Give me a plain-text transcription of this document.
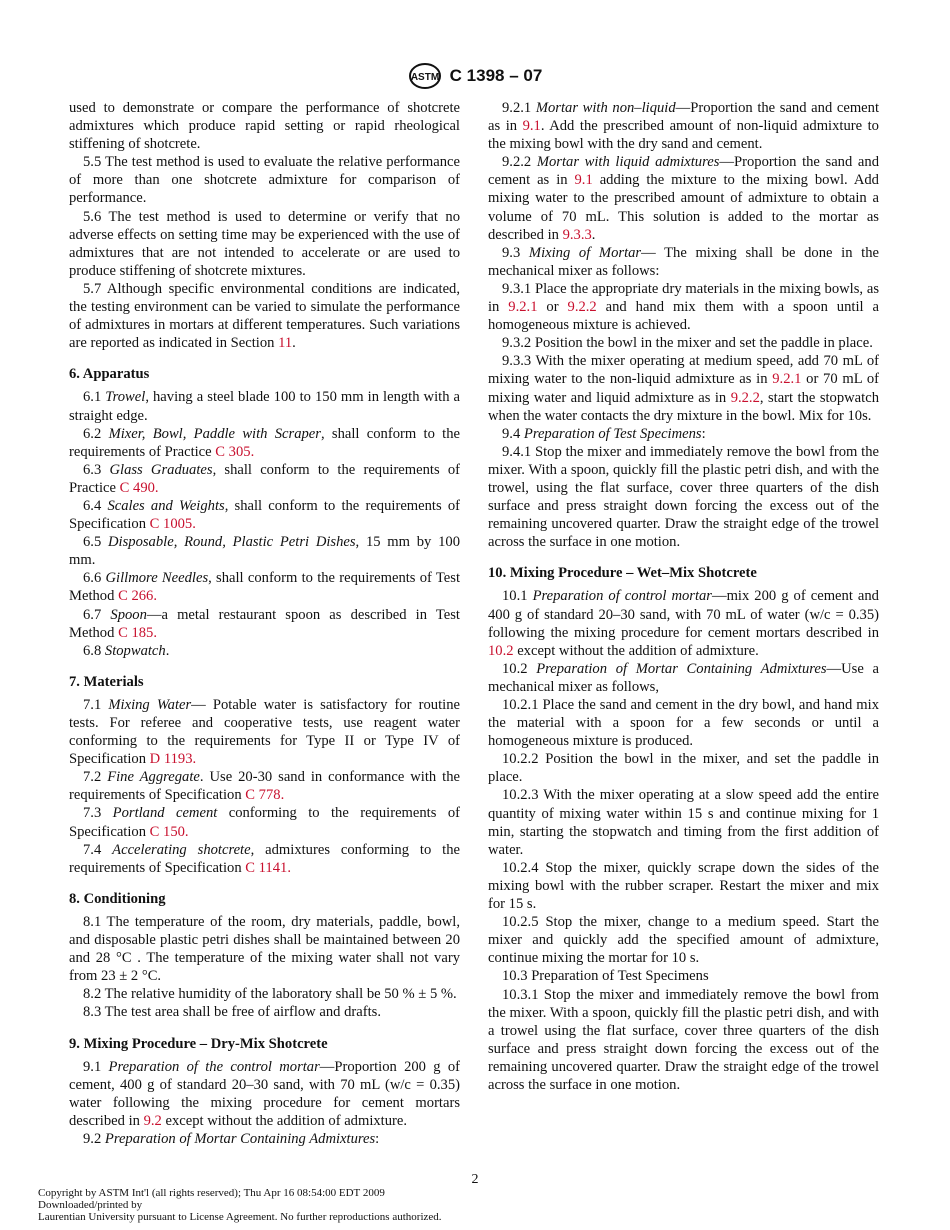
ASTM C 1398 – 07

used to demonstrate or compare the performance of shotcrete admixtures which produce rapid setting or rapid rheological stiffening of shotcrete.

5.5 The test method is used to evaluate the relative performance of more than one shotcrete admixture for comparison of performance.

5.6 The test method is used to determine or verify that no adverse effects on setting time may be experienced with the use of admixtures that are not intended to accelerate or are used to produce stiffening of shotcrete mixtures.

5.7 Although specific environmental conditions are indicated, the testing environment can be varied to simulate the performance of admixtures in mortars at different temperatures. Such variations are reported as indicated in Section 11.

6. Apparatus

6.1 Trowel, having a steel blade 100 to 150 mm in length with a straight edge.

6.2 Mixer, Bowl, Paddle with Scraper, shall conform to the requirements of Practice C 305.

6.3 Glass Graduates, shall conform to the requirements of Practice C 490.

6.4 Scales and Weights, shall conform to the requirements of Specification C 1005.

6.5 Disposable, Round, Plastic Petri Dishes, 15 mm by 100 mm.

6.6 Gillmore Needles, shall conform to the requirements of Test Method C 266.

6.7 Spoon—a metal restaurant spoon as described in Test Method C 185.

6.8 Stopwatch.

7. Materials

7.1 Mixing Water— Potable water is satisfactory for routine tests. For referee and cooperative tests, use reagent water conforming to the requirements for Type II or Type IV of Specification D 1193.

7.2 Fine Aggregate. Use 20-30 sand in conformance with the requirements of Specification C 778.

7.3 Portland cement conforming to the requirements of Specification C 150.

7.4 Accelerating shotcrete, admixtures conforming to the requirements of Specification C 1141.

8. Conditioning

8.1 The temperature of the room, dry materials, paddle, bowl, and disposable plastic petri dishes shall be maintained between 20 and 28 °C . The temperature of the mixing water shall not vary from 23 ± 2 °C.

8.2 The relative humidity of the laboratory shall be 50 % ± 5 %.

8.3 The test area shall be free of airflow and drafts.

9. Mixing Procedure – Dry-Mix Shotcrete

9.1 Preparation of the control mortar—Proportion 200 g of cement, 400 g of standard 20–30 sand, with 70 mL (w/c = 0.35) water following the mixing procedure for cement mortars described in 9.2 except without the addition of admixture.

9.2 Preparation of Mortar Containing Admixtures:

9.2.1 Mortar with non–liquid—Proportion the sand and cement as in 9.1. Add the prescribed amount of non-liquid admixture to the mixing bowl with the dry sand and cement.

9.2.2 Mortar with liquid admixtures—Proportion the sand and cement as in 9.1 adding the mixture to the mixing bowl. Add mixing water to the prescribed amount of admixture to obtain a volume of 70 mL. This solution is added to the mortar as described in 9.3.3.

9.3 Mixing of Mortar— The mixing shall be done in the mechanical mixer as follows:

9.3.1 Place the appropriate dry materials in the mixing bowls, as in 9.2.1 or 9.2.2 and hand mix them with a spoon until a homogeneous mixture is achieved.

9.3.2 Position the bowl in the mixer and set the paddle in place.

9.3.3 With the mixer operating at medium speed, add 70 mL of mixing water to the non-liquid admixture as in 9.2.1 or 70 mL of mixing water and liquid admixture as in 9.2.2, start the stopwatch when the water contacts the dry mixture in the bowl. Mix for 10s.

9.4 Preparation of Test Specimens:

9.4.1 Stop the mixer and immediately remove the bowl from the mixer. With a spoon, quickly fill the plastic petri dish, and with the trowel, using the flat surface, cover three quarters of the dish surface and press straight down forcing the excess out of the remaining uncovered quarter. Draw the straight edge of the trowel across the surface in one motion.

10. Mixing Procedure – Wet–Mix Shotcrete

10.1 Preparation of control mortar—mix 200 g of cement and 400 g of standard 20–30 sand, with 70 mL of water (w/c = 0.35) following the mixing procedure for cement mortars described in 10.2 except without the addition of admixture.

10.2 Preparation of Mortar Containing Admixtures—Use a mechanical mixer as follows,

10.2.1 Place the sand and cement in the dry bowl, and hand mix the material with a spoon for a few seconds or until a homogeneous mixture is produced.

10.2.2 Position the bowl in the mixer, and set the paddle in place.

10.2.3 With the mixer operating at a slow speed add the entire quantity of mixing water within 15 s and continue mixing for 1 min, starting the stopwatch and timing from the first addition of water.

10.2.4 Stop the mixer, quickly scrape down the sides of the mixing bowl with the rubber scraper. Restart the mixer and mix for 15 s.

10.2.5 Stop the mixer, change to a medium speed. Start the mixer and quickly add the specified amount of admixture, continue mixing the mortar for 10 s.

10.3 Preparation of Test Specimens

10.3.1 Stop the mixer and immediately remove the bowl from the mixer. With a spoon, quickly fill the plastic petri dish, and with a trowel using the flat surface, cover three quarters of the dish surface and press straight down forcing the excess out of the remaining uncovered quarter. Draw the straight edge of the trowel across the surface in one motion.

2
Copyright by ASTM Int'l (all rights reserved); Thu Apr 16 08:54:00 EDT 2009
Downloaded/printed by
Laurentian University pursuant to License Agreement. No further reproductions authorized.
